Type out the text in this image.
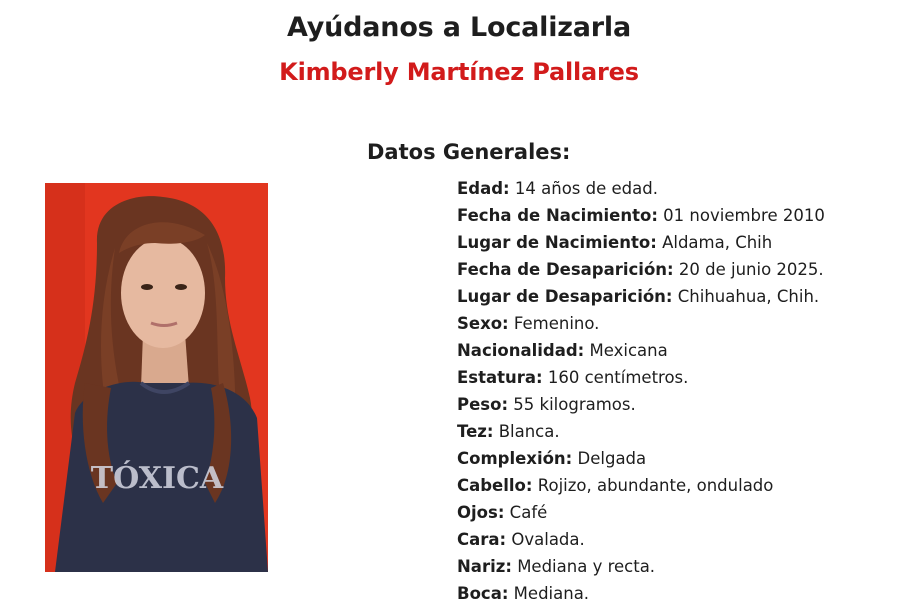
Ayúdanos a Localizarla
Kimberly Martínez Pallares
Datos Generales:
TÓXICA
Edad: 14 años de edad.
Fecha de Nacimiento: 01 noviembre 2010
Lugar de Nacimiento: Aldama, Chih
Fecha de Desaparición: 20 de junio 2025.
Lugar de Desaparición: Chihuahua, Chih.
Sexo: Femenino.
Nacionalidad: Mexicana
Estatura: 160 centímetros.
Peso: 55 kilogramos.
Tez: Blanca.
Complexión: Delgada
Cabello: Rojizo, abundante, ondulado
Ojos: Café
Cara: Ovalada.
Nariz: Mediana y recta.
Boca: Mediana.
